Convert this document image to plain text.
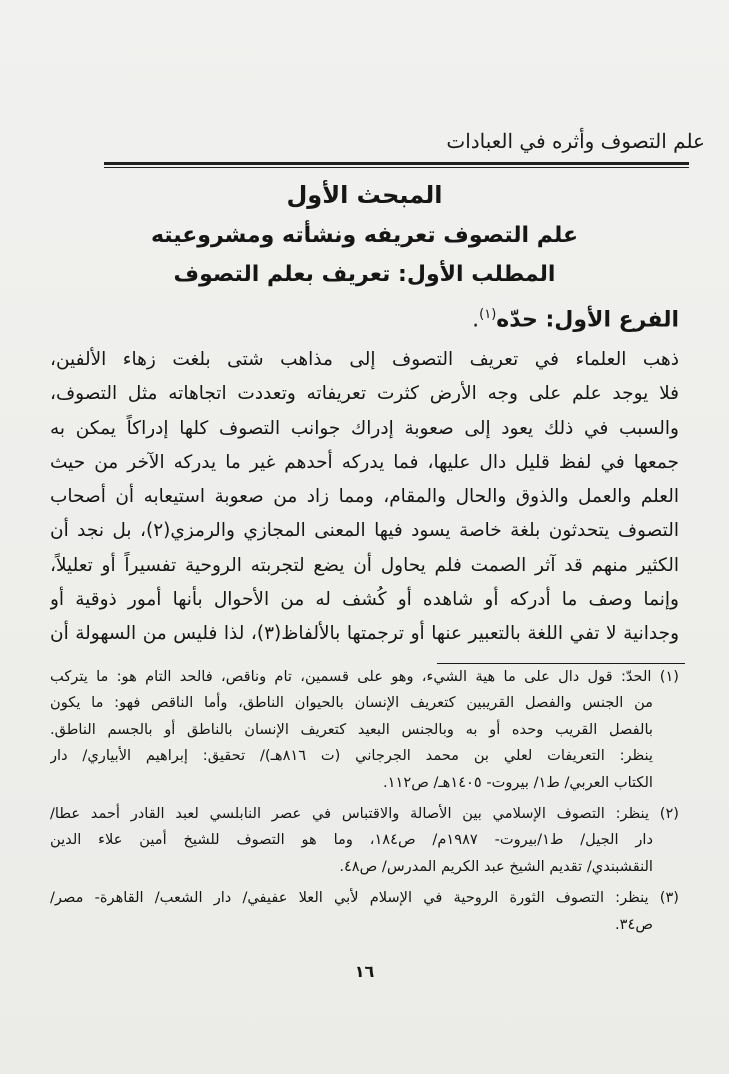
علم التصوف وأثره في العبادات
المبحث الأول
علم التصوف تعريفه ونشأته ومشروعيته
المطلب الأول: تعريف بعلم التصوف
الفرع الأول: حدّه$^{(١)}$.
ذهب العلماء في تعريف التصوف إلى مذاهب شتى بلغت زهاء الألفين،
فلا يوجد علم على وجه الأرض كثرت تعريفاته وتعددت اتجاهاته مثل التصوف،
والسبب في ذلك يعود إلى صعوبة إدراك جوانب التصوف كلها إدراكاً يمكن به
جمعها في لفظ قليل دال عليها، فما يدركه أحدهم غير ما يدركه الآخر من حيث
العلم والعمل والذوق والحال والمقام، ومما زاد من صعوبة استيعابه أن أصحاب
التصوف يتحدثون بلغة خاصة يسود فيها المعنى المجازي والرمزي(٢)، بل نجد أن
الكثير منهم قد آثر الصمت فلم يحاول أن يضع لتجربته الروحية تفسيراً أو تعليلاً،
وإنما وصف ما أدركه أو شاهده أو كُشف له من الأحوال بأنها أمور ذوقية أو
وجدانية لا تفي اللغة بالتعبير عنها أو ترجمتها بالألفاظ(٣)، لذا فليس من السهولة أن
(١) الحدّ: قول دال على ما هية الشيء، وهو على قسمين، تام وناقص، فالحد التام هو: ما يتركب
من الجنس والفصل القريبين كتعريف الإنسان بالحيوان الناطق، وأما الناقص فهو: ما يكون
بالفصل القريب وحده أو به وبالجنس البعيد كتعريف الإنسان بالناطق أو بالجسم الناطق.
ينظر: التعريفات لعلي بن محمد الجرجاني (ت ٨١٦هـ)/ تحقيق: إبراهيم الأبياري/ دار
الكتاب العربي/ ط١/ بيروت- ١٤٠٥هـ/ ص١١٢.
(٢) ينظر: التصوف الإسلامي بين الأصالة والاقتباس في عصر النابلسي لعبد القادر أحمد عطا/
دار الجيل/ ط١/بيروت- ١٩٨٧م/ ص١٨٤، وما هو التصوف للشيخ أمين علاء الدين
النقشبندي/ تقديم الشيخ عبد الكريم المدرس/ ص٤٨.
(٣) ينظر: التصوف الثورة الروحية في الإسلام لأبي العلا عفيفي/ دار الشعب/ القاهرة- مصر/
ص٣٤.
١٦
